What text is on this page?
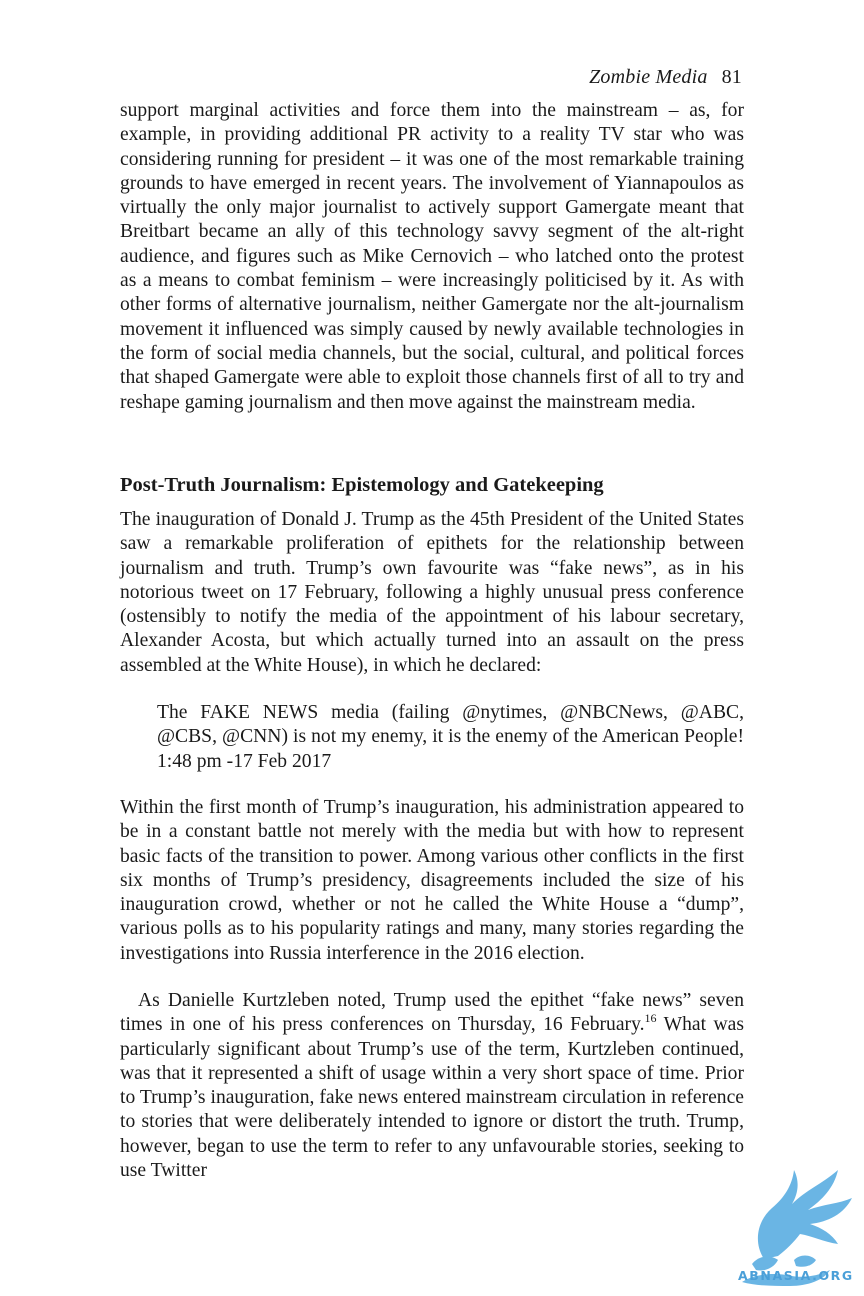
Zombie Media 81
support marginal activities and force them into the mainstream – as, for example, in providing additional PR activity to a reality TV star who was considering running for president – it was one of the most remarkable training grounds to have emerged in recent years. The involvement of Yiannapoulos as virtually the only major journalist to actively support Gamergate meant that Breitbart became an ally of this technology savvy segment of the alt-right audience, and figures such as Mike Cernovich – who latched onto the protest as a means to combat feminism – were increasingly politicised by it. As with other forms of alternative journalism, neither Gamergate nor the alt-journalism movement it influenced was simply caused by newly available technologies in the form of social media channels, but the social, cultural, and political forces that shaped Gamergate were able to exploit those channels first of all to try and reshape gaming journalism and then move against the mainstream media.
Post-Truth Journalism: Epistemology and Gatekeeping
The inauguration of Donald J. Trump as the 45th President of the United States saw a remarkable proliferation of epithets for the relationship between journalism and truth. Trump’s own favourite was “fake news”, as in his notorious tweet on 17 February, following a highly unusual press conference (ostensibly to notify the media of the appointment of his labour secretary, Alexander Acosta, but which actually turned into an assault on the press assembled at the White House), in which he declared:
The FAKE NEWS media (failing @nytimes, @NBCNews, @ABC, @CBS, @CNN) is not my enemy, it is the enemy of the American People! 1:48 pm -17 Feb 2017
Within the first month of Trump’s inauguration, his administration appeared to be in a constant battle not merely with the media but with how to represent basic facts of the transition to power. Among various other conflicts in the first six months of Trump’s presidency, disagreements included the size of his inauguration crowd, whether or not he called the White House a “dump”, various polls as to his popularity ratings and many, many stories regarding the investigations into Russia interference in the 2016 election.
As Danielle Kurtzleben noted, Trump used the epithet “fake news” seven times in one of his press conferences on Thursday, 16 February.$^{16}$ What was particularly significant about Trump’s use of the term, Kurtzleben continued, was that it represented a shift of usage within a very short space of time. Prior to Trump’s inauguration, fake news entered mainstream circulation in reference to stories that were deliberately intended to ignore or distort the truth. Trump, however, began to use the term to refer to any unfavourable stories, seeking to use Twitter
ABNASIA.ORG
